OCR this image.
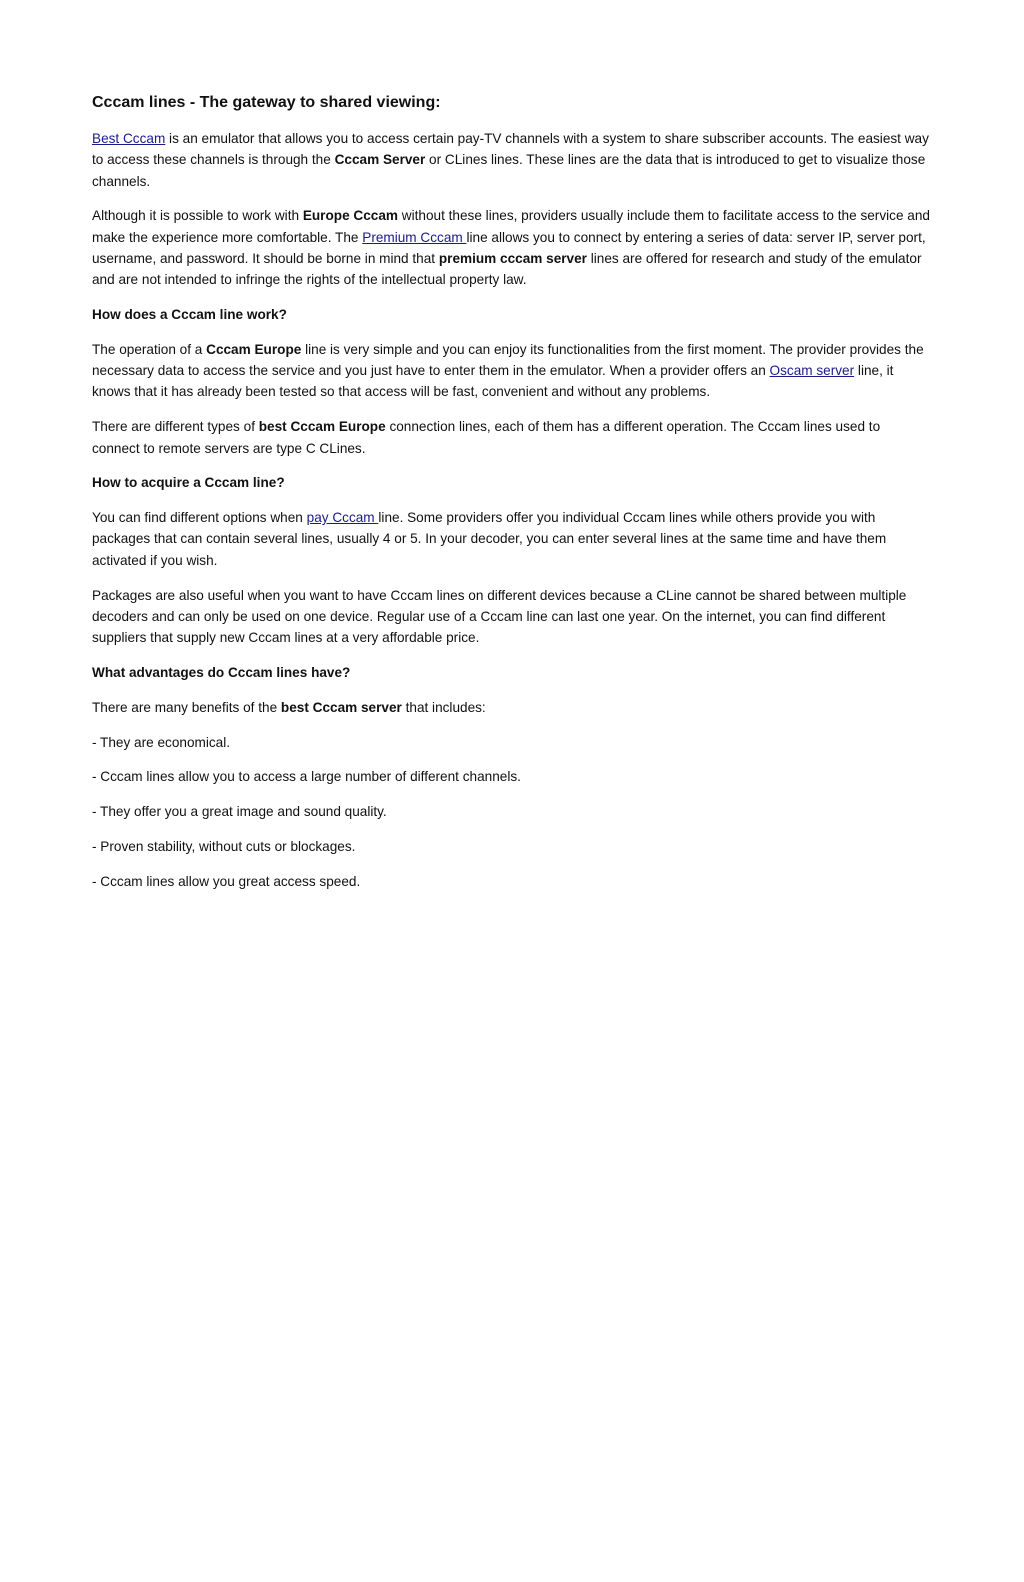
Cccam lines - The gateway to shared viewing:

Best Cccam is an emulator that allows you to access certain pay-TV channels with a system to share subscriber accounts. The easiest way to access these channels is through the Cccam Server or CLines lines. These lines are the data that is introduced to get to visualize those channels.

Although it is possible to work with Europe Cccam without these lines, providers usually include them to facilitate access to the service and make the experience more comfortable. The Premium Cccam line allows you to connect by entering a series of data: server IP, server port, username, and password. It should be borne in mind that premium cccam server lines are offered for research and study of the emulator and are not intended to infringe the rights of the intellectual property law.

How does a Cccam line work?

The operation of a Cccam Europe line is very simple and you can enjoy its functionalities from the first moment. The provider provides the necessary data to access the service and you just have to enter them in the emulator. When a provider offers an Oscam server line, it knows that it has already been tested so that access will be fast, convenient and without any problems.

There are different types of best Cccam Europe connection lines, each of them has a different operation. The Cccam lines used to connect to remote servers are type C CLines.

How to acquire a Cccam line?

You can find different options when pay Cccam line. Some providers offer you individual Cccam lines while others provide you with packages that can contain several lines, usually 4 or 5. In your decoder, you can enter several lines at the same time and have them activated if you wish.

Packages are also useful when you want to have Cccam lines on different devices because a CLine cannot be shared between multiple decoders and can only be used on one device. Regular use of a Cccam line can last one year. On the internet, you can find different suppliers that supply new Cccam lines at a very affordable price.

What advantages do Cccam lines have?

There are many benefits of the best Cccam server that includes:

- They are economical.

- Cccam lines allow you to access a large number of different channels.

- They offer you a great image and sound quality.

- Proven stability, without cuts or blockages.

- Cccam lines allow you great access speed.
